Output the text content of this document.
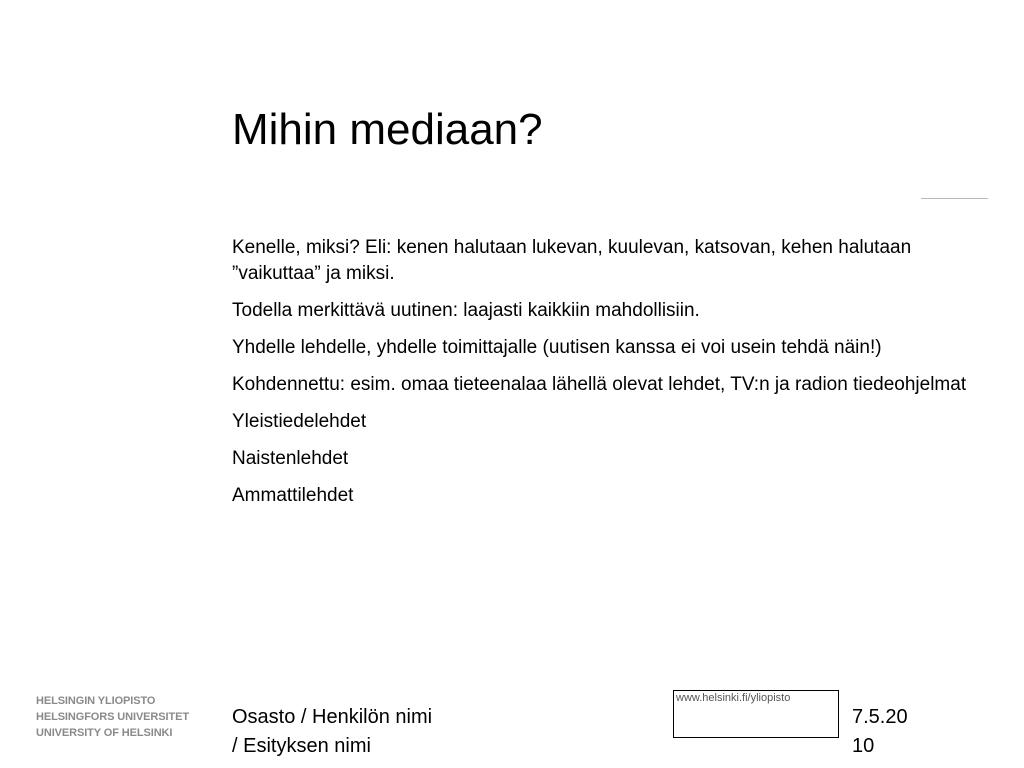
Mihin mediaan?
Kenelle, miksi? Eli: kenen halutaan lukevan, kuulevan, katsovan, kehen halutaan ”vaikuttaa” ja miksi.
Todella merkittävä uutinen: laajasti kaikkiin mahdollisiin.
Yhdelle lehdelle, yhdelle toimittajalle (uutisen kanssa ei voi usein tehdä näin!)
Kohdennettu: esim. omaa tieteenalaa lähellä olevat lehdet, TV:n ja radion tiedeohjelmat
Yleistiedelehdet
Naistenlehdet
Ammattilehdet
HELSINGIN YLIOPISTO
HELSINGFORS UNIVERSITET
UNIVERSITY OF HELSINKI
Osasto / Henkilön nimi
/ Esityksen nimi
www.helsinki.fi/yliopisto
7.5.20
10
